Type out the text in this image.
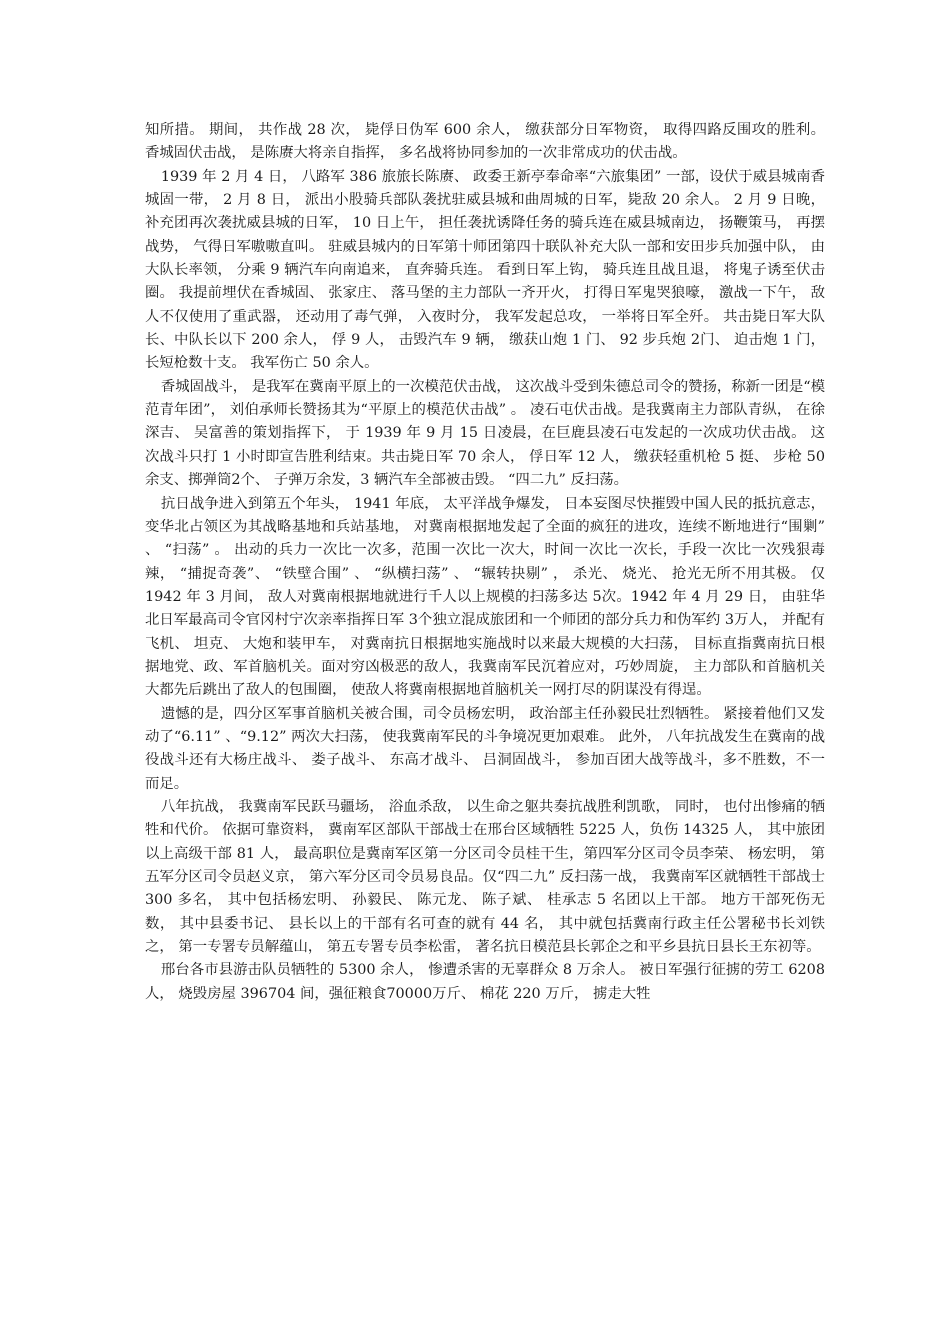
知所措。 期间， 共作战 28 次， 毙俘日伪军 600 余人， 缴获部分日军物资， 取得四路反围攻的胜利。 香城固伏击战， 是陈赓大将亲自指挥， 多名战将协同参加的一次非常成功的伏击战。

1939 年 2 月 4 日， 八路军 386 旅旅长陈赓、 政委王新亭奉命率“六旅集团” 一部，设伏于威县城南香城固一带， 2 月 8 日， 派出小股骑兵部队袭扰驻威县城和曲周城的日军，毙敌 20 余人。 2 月 9 日晚， 补充团再次袭扰威县城的日军， 10 日上午， 担任袭扰诱降任务的骑兵连在威县城南边， 扬鞭策马， 再摆战势， 气得日军嗷嗷直叫。 驻威县城内的日军第十师团第四十联队补充大队一部和安田步兵加强中队， 由大队长率领， 分乘 9 辆汽车向南追来， 直奔骑兵连。 看到日军上钩， 骑兵连且战且退， 将鬼子诱至伏击圈。 我提前埋伏在香城固、 张家庄、 落马堡的主力部队一齐开火， 打得日军鬼哭狼嚎， 激战一下午， 敌人不仅使用了重武器， 还动用了毒气弹， 入夜时分， 我军发起总攻， 一举将日军全歼。 共击毙日军大队长、中队长以下 200 余人， 俘 9 人， 击毁汽车 9 辆， 缴获山炮 1 门、 92 步兵炮 2门、 迫击炮 1 门， 长短枪数十支。 我军伤亡 50 余人。

香城固战斗， 是我军在冀南平原上的一次模范伏击战， 这次战斗受到朱德总司令的赞扬，称新一团是“模范青年团”， 刘伯承师长赞扬其为“平原上的模范伏击战” 。 凌石屯伏击战。是我冀南主力部队青纵， 在徐深吉、 吴富善的策划指挥下， 于 1939 年 9 月 15 日凌晨，在巨鹿县凌石屯发起的一次成功伏击战。 这次战斗只打 1 小时即宣告胜利结束。共击毙日军 70 余人， 俘日军 12 人， 缴获轻重机枪 5 挺、 步枪 50 余支、掷弹筒2个、 子弹万余发，3 辆汽车全部被击毁。 “四二九” 反扫荡。

抗日战争进入到第五个年头， 1941 年底， 太平洋战争爆发， 日本妄图尽快摧毁中国人民的抵抗意志， 变华北占领区为其战略基地和兵站基地， 对冀南根据地发起了全面的疯狂的进攻，连续不断地进行“围剿” 、 “扫荡” 。 出动的兵力一次比一次多，范围一次比一次大，时间一次比一次长，手段一次比一次残狠毒辣， “捕捉奇袭”、 “铁壁合围” 、 “纵横扫荡” 、 “辗转抉剔” ， 杀光、 烧光、 抢光无所不用其极。 仅 1942 年 3 月间， 敌人对冀南根据地就进行千人以上规模的扫荡多达 5次。1942 年 4 月 29 日， 由驻华北日军最高司令官冈村宁次亲率指挥日军 3个独立混成旅团和一个师团的部分兵力和伪军约 3万人， 并配有飞机、 坦克、 大炮和装甲车， 对冀南抗日根据地实施战时以来最大规模的大扫荡， 目标直指冀南抗日根据地党、政、军首脑机关。面对穷凶极恶的敌人，我冀南军民沉着应对，巧妙周旋， 主力部队和首脑机关大都先后跳出了敌人的包围圈， 使敌人将冀南根据地首脑机关一网打尽的阴谋没有得逞。

遗憾的是，四分区军事首脑机关被合围，司令员杨宏明， 政治部主任孙毅民壮烈牺牲。 紧接着他们又发动了“6.11” 、“9.12” 两次大扫荡， 使我冀南军民的斗争境况更加艰难。 此外， 八年抗战发生在冀南的战役战斗还有大杨庄战斗、 娄子战斗、 东高才战斗、 吕洞固战斗， 参加百团大战等战斗，多不胜数，不一而足。

八年抗战， 我冀南军民跃马疆场， 浴血杀敌， 以生命之躯共奏抗战胜利凯歌， 同时， 也付出惨痛的牺牲和代价。 依据可靠资料， 冀南军区部队干部战士在邢台区域牺牲 5225 人，负伤 14325 人， 其中旅团以上高级干部 81 人， 最高职位是冀南军区第一分区司令员桂干生，第四军分区司令员李荣、 杨宏明， 第五军分区司令员赵义京， 第六军分区司令员易良品。仅“四二九” 反扫荡一战， 我冀南军区就牺牲干部战士 300 多名， 其中包括杨宏明、 孙毅民、 陈元龙、 陈子斌、 桂承志 5 名团以上干部。 地方干部死伤无数， 其中县委书记、 县长以上的干部有名可查的就有 44 名， 其中就包括冀南行政主任公署秘书长刘铁之， 第一专署专员解蕴山， 第五专署专员李松雷， 著名抗日模范县长郭企之和平乡县抗日县长王东初等。

邢台各市县游击队员牺牲的 5300 余人， 惨遭杀害的无辜群众 8 万余人。 被日军强行征掳的劳工 6208 人， 烧毁房屋 396704 间，强征粮食70000万斤、 棉花 220 万斤， 掳走大牲
